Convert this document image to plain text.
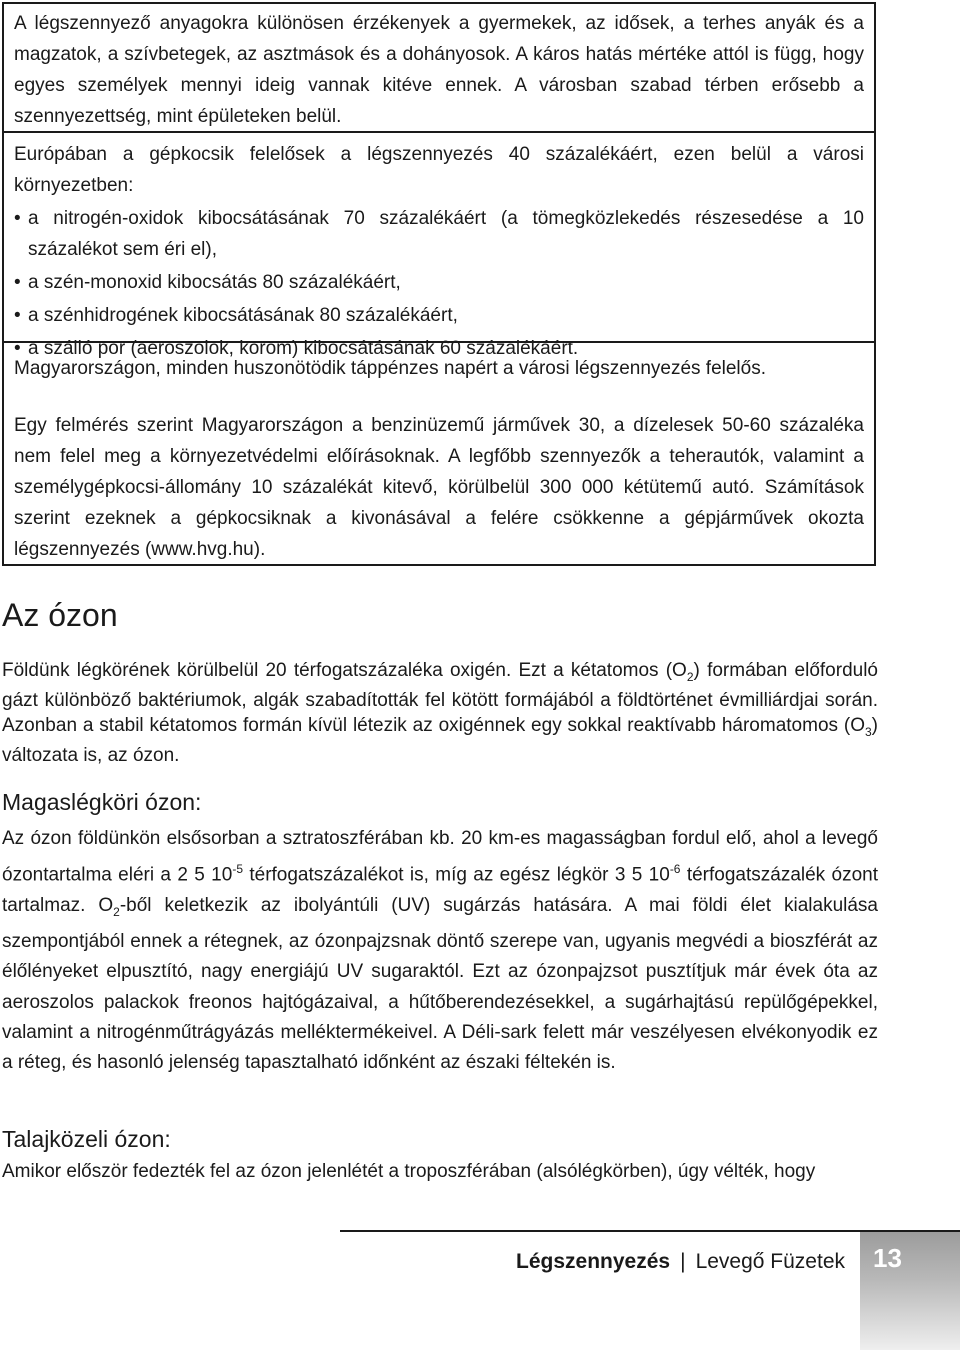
A légszennyező anyagokra különösen érzékenyek a gyermekek, az idősek, a terhes anyák és a magzatok, a szívbetegek, az asztmások és a dohányosok. A káros hatás mértéke attól is függ, hogy egyes személyek mennyi ideig vannak kitéve ennek. A városban szabad térben erősebb a szennyezettség, mint épületeken belül.

Európában a gépkocsik felelősek a légszennyezés 40 százalékáért, ezen belül a városi környezetben:

• a nitrogén-oxidok kibocsátásának 70 százalékáért (a tömegközlekedés részesedése a 10 százalékot sem éri el),
• a szén-monoxid kibocsátás 80 százalékáért,
• a szénhidrogének kibocsátásának 80 százalékáért,
• a szálló por (aeroszolok, korom) kibocsátásának 60 százalékáért.

Magyarországon, minden huszonötödik táppénzes napért a városi légszennyezés felelős.

Egy felmérés szerint Magyarországon a benzinüzemű járművek 30, a dízelesek 50-60 százaléka nem felel meg a környezetvédelmi előírásoknak. A legfőbb szennyezők a teherautók, valamint a személygépkocsi-állomány 10 százalékát kitevő, körülbelül 300 000 kétütemű autó. Számítások szerint ezeknek a gépkocsiknak a kivonásával a felére csökkenne a gépjárművek okozta légszennyezés (www.hvg.hu).

Az ózon

Földünk légkörének körülbelül 20 térfogatszázaléka oxigén. Ezt a kétatomos $(O_2)$ formában előforduló gázt különböző baktériumok, algák szabadították fel kötött formájából a földtörténet évmilliárdjai során. Azonban a stabil kétatomos formán kívül létezik az oxigénnek egy sokkal reaktívabb háromatomos $(O_3)$ változata is, az ózon.

Magaslégköri ózon:

Az ózon földünkön elsősorban a sztratoszférában kb. 20 km-es magasságban fordul elő, ahol a levegő ózontartalma eléri a 2 5 $10^{-5}$ térfogatszázalékot is, míg az egész légkör 3 5 $10^{-6}$ térfogatszázalék ózont tartalmaz. $O_2$-ből keletkezik az ibolyántúli (UV) sugárzás hatására. A mai földi élet kialakulása szempontjából ennek a rétegnek, az ózonpajzsnak döntő szerepe van, ugyanis megvédi a bioszférát az élőlényeket elpusztító, nagy energiájú UV sugaraktól. Ezt az ózonpajzsot pusztítjuk már évek óta az aeroszolos palackok freonos hajtógázaival, a hűtőberendezésekkel, a sugárhajtású repülőgépekkel, valamint a nitrogénműtrágyázás melléktermékeivel. A Déli-sark felett már veszélyesen elvékonyodik ez a réteg, és hasonló jelenség tapasztalható időnként az északi féltekén is.

Talajközeli ózon:

Amikor először fedezték fel az ózon jelenlétét a troposzférában (alsólégkörben), úgy vélték, hogy

Légszennyezés | Levegő Füzetek 13
